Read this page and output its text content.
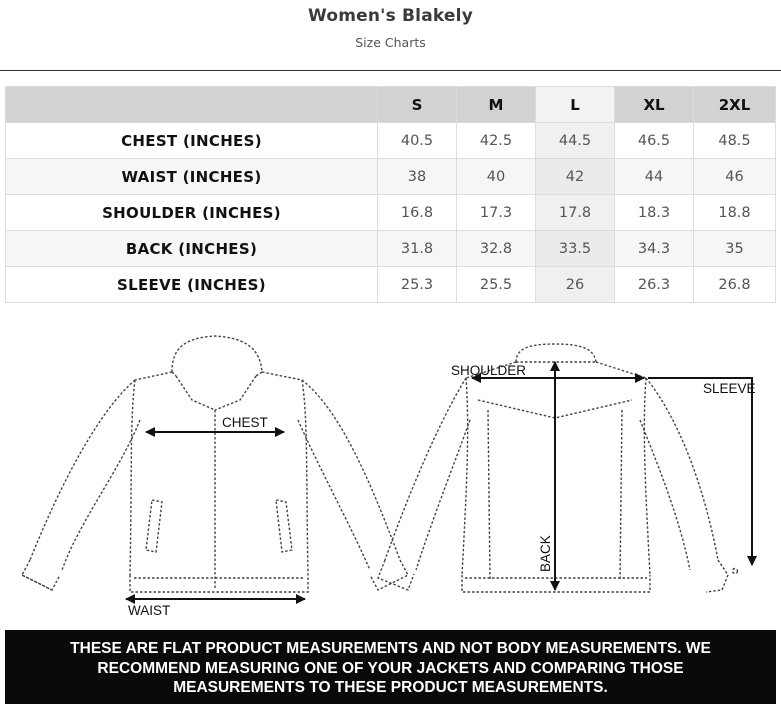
Women's Blakely
Size Charts
	S	M	L	XL	2XL
CHEST (INCHES)	40.5	42.5	44.5	46.5	48.5
WAIST (INCHES)	38	40	42	44	46
SHOULDER (INCHES)	16.8	17.3	17.8	18.3	18.8
BACK (INCHES)	31.8	32.8	33.5	34.3	35
SLEEVE (INCHES)	25.3	25.5	26	26.3	26.8
CHEST
WAIST
SHOULDER
BACK
SLEEVE
THESE ARE FLAT PRODUCT MEASUREMENTS AND NOT BODY MEASUREMENTS. WE
RECOMMEND MEASURING ONE OF YOUR JACKETS AND COMPARING THOSE
MEASUREMENTS TO THESE PRODUCT MEASUREMENTS.
